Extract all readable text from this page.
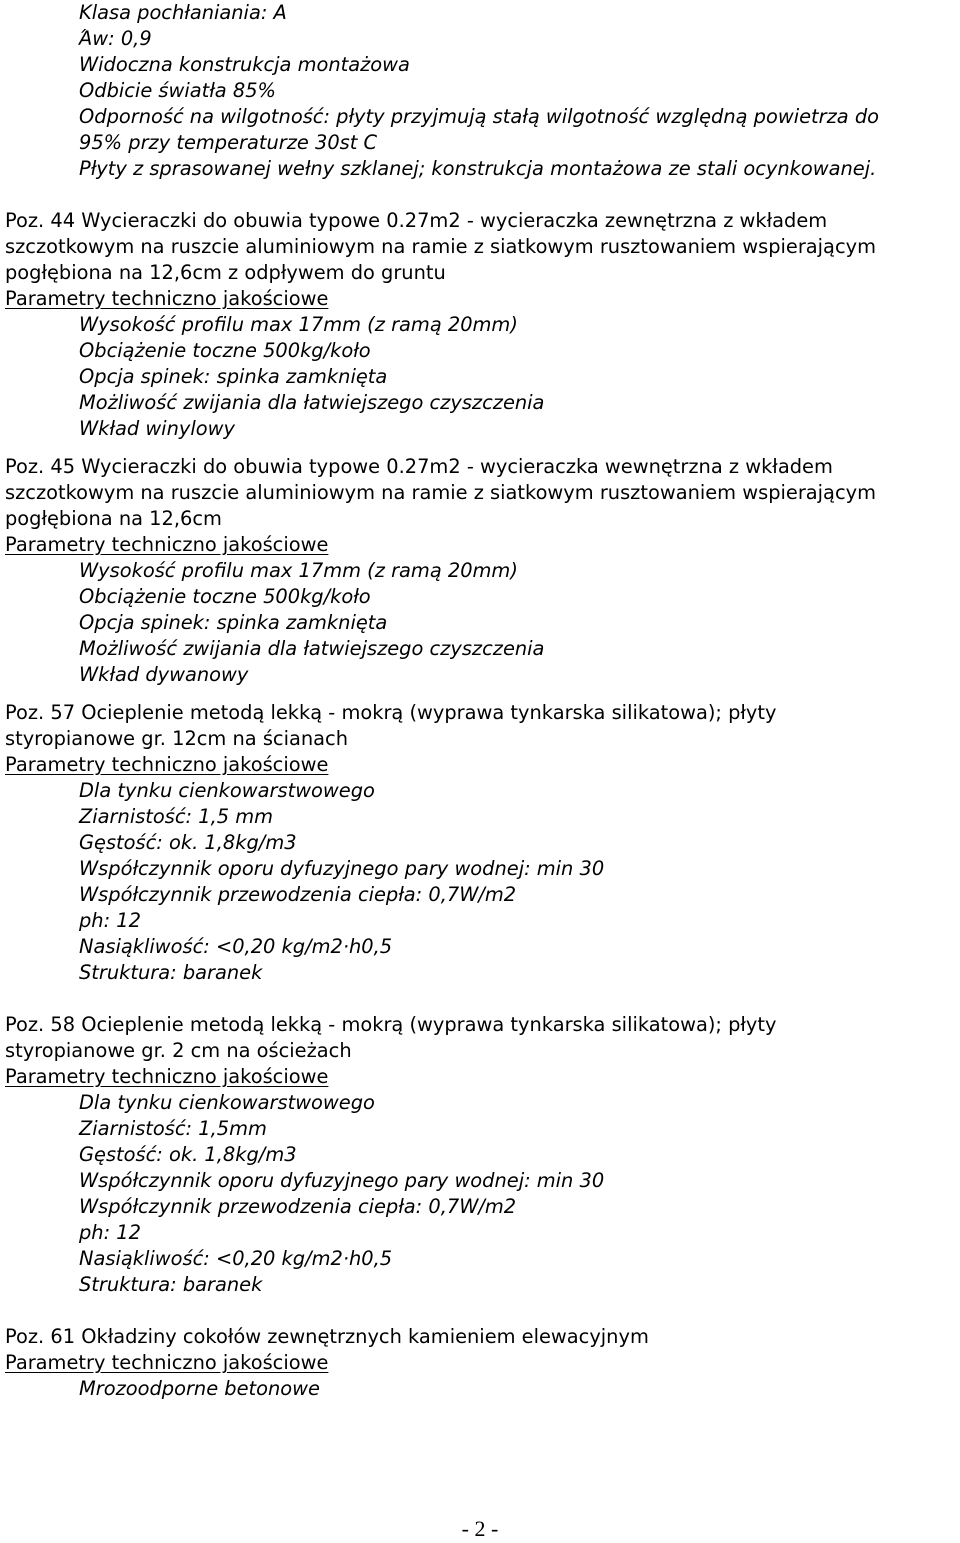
Klasa pochłaniania: A
Άw: 0,9
Widoczna konstrukcja montażowa
Odbicie światła 85%
Odporność na wilgotność: płyty przyjmują stałą wilgotność względną powietrza do
95% przy temperaturze 30st C
Płyty z sprasowanej wełny szklanej; konstrukcja montażowa ze stali ocynkowanej.
Poz. 44 Wycieraczki do obuwia typowe 0.27m2 - wycieraczka zewnętrzna z wkładem
szczotkowym na ruszcie aluminiowym na ramie z siatkowym rusztowaniem wspierającym
pogłębiona na 12,6cm z odpływem do gruntu
Parametry techniczno jakościowe
Wysokość profilu max 17mm (z ramą 20mm)
Obciążenie toczne 500kg/koło
Opcja spinek: spinka zamknięta
Możliwość zwijania dla łatwiejszego czyszczenia
Wkład winylowy
Poz. 45 Wycieraczki do obuwia typowe 0.27m2 - wycieraczka wewnętrzna z wkładem
szczotkowym na ruszcie aluminiowym na ramie z siatkowym rusztowaniem wspierającym
pogłębiona na 12,6cm
Parametry techniczno jakościowe
Wysokość profilu max 17mm (z ramą 20mm)
Obciążenie toczne 500kg/koło
Opcja spinek: spinka zamknięta
Możliwość zwijania dla łatwiejszego czyszczenia
Wkład dywanowy
Poz. 57 Ocieplenie metodą lekką - mokrą (wyprawa tynkarska silikatowa); płyty
styropianowe gr. 12cm na ścianach
Parametry techniczno jakościowe
Dla tynku cienkowarstwowego
Ziarnistość: 1,5 mm
Gęstość: ok. 1,8kg/m3
Współczynnik oporu dyfuzyjnego pary wodnej: min 30
Współczynnik przewodzenia ciepła: 0,7W/m2
ph: 12
Nasiąkliwość: <0,20 kg/m2·h0,5
Struktura: baranek
Poz. 58 Ocieplenie metodą lekką - mokrą (wyprawa tynkarska silikatowa); płyty
styropianowe gr. 2 cm na ościeżach
Parametry techniczno jakościowe
Dla tynku cienkowarstwowego
Ziarnistość: 1,5mm
Gęstość: ok. 1,8kg/m3
Współczynnik oporu dyfuzyjnego pary wodnej: min 30
Współczynnik przewodzenia ciepła: 0,7W/m2
ph: 12
Nasiąkliwość: <0,20 kg/m2·h0,5
Struktura: baranek
Poz. 61 Okładziny cokołów zewnętrznych kamieniem elewacyjnym
Parametry techniczno jakościowe
Mrozoodporne betonowe
- 2 -
